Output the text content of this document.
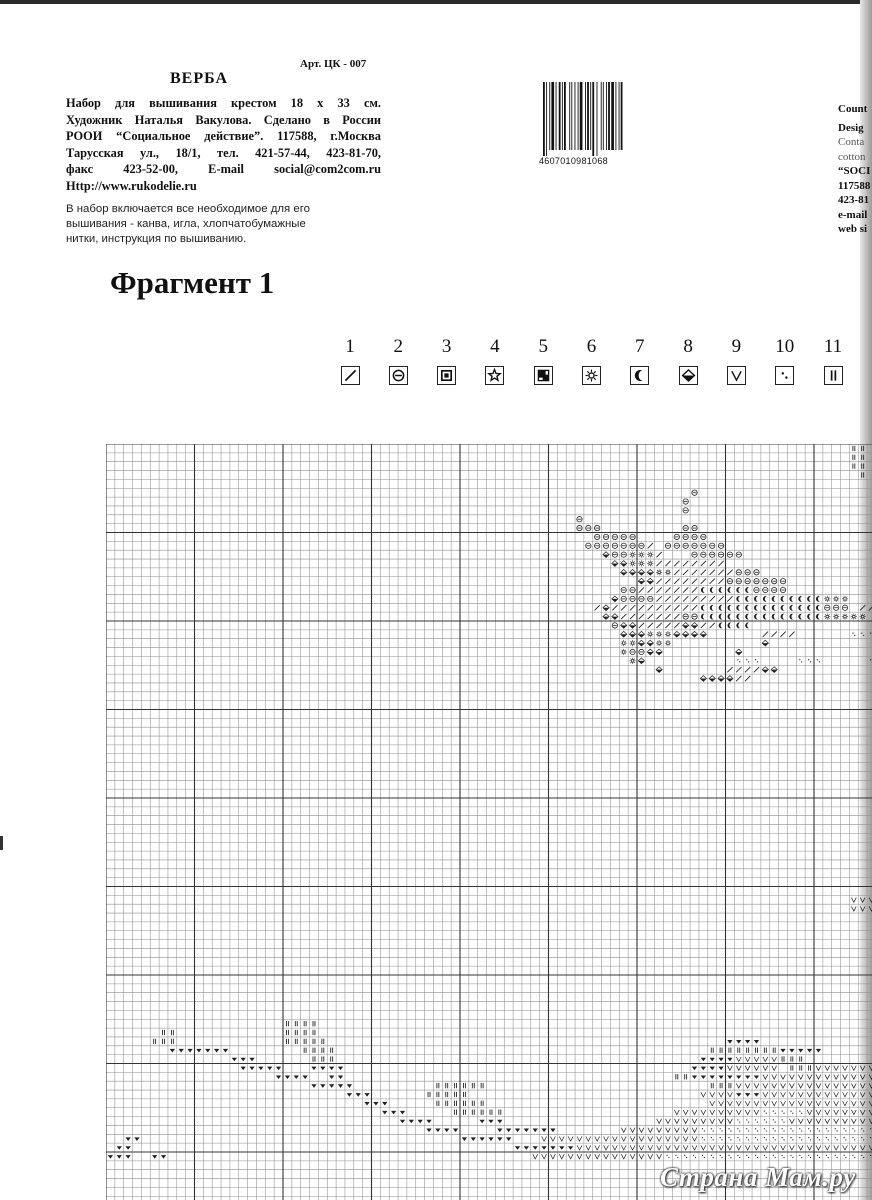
Арт. ЦК - 007
ВЕРБА
Набор для вышивания крестом 18 х 33 см.
Художник Наталья Вакулова. Сделано в России
РООИ “Социальное действие”. 117588, г.Москва
Тарусская ул., 18/1, тел. 421-57-44, 423-81-70,
факс 423-52-00, E-mail social@com2com.ru
Http://www.rukodelie.ru
В набор включается все необходимое для его
вышивания - канва, игла, хлопчатобумажные
нитки, инструкция по вышиванию.
4607010981068
Count
Desig
Conta
cotton
“SOCI
117588
423-81
e-mail
web si
Фрагмент 1
1	2	3	4	5	6	7	8	9	10	11
Страна Мам.ру
